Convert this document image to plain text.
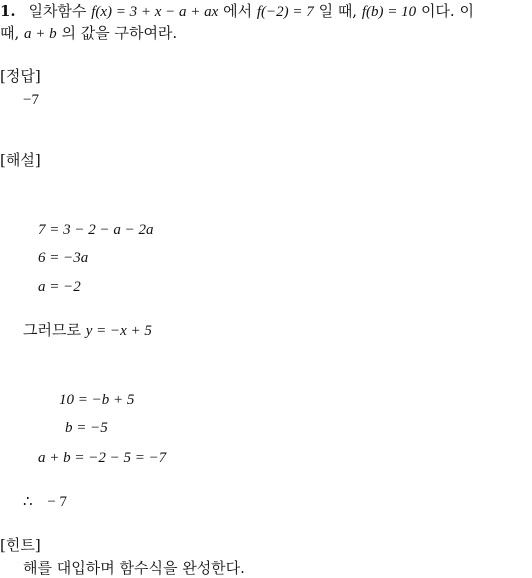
1. 일차함수 f(x) = 3 + x − a + ax 에서 f(−2) = 7 일 때, f(b) = 10 이다. 이
때, a + b 의 값을 구하여라.
[정답]
−7
[해설]
7 = 3 − 2 − a − 2a
6 = −3a
a = −2
그러므로 y = −x + 5
10 = −b + 5
b = −5
a + b = −2 − 5 = −7
∴ − 7
[힌트]
해를 대입하며 함수식을 완성한다.
